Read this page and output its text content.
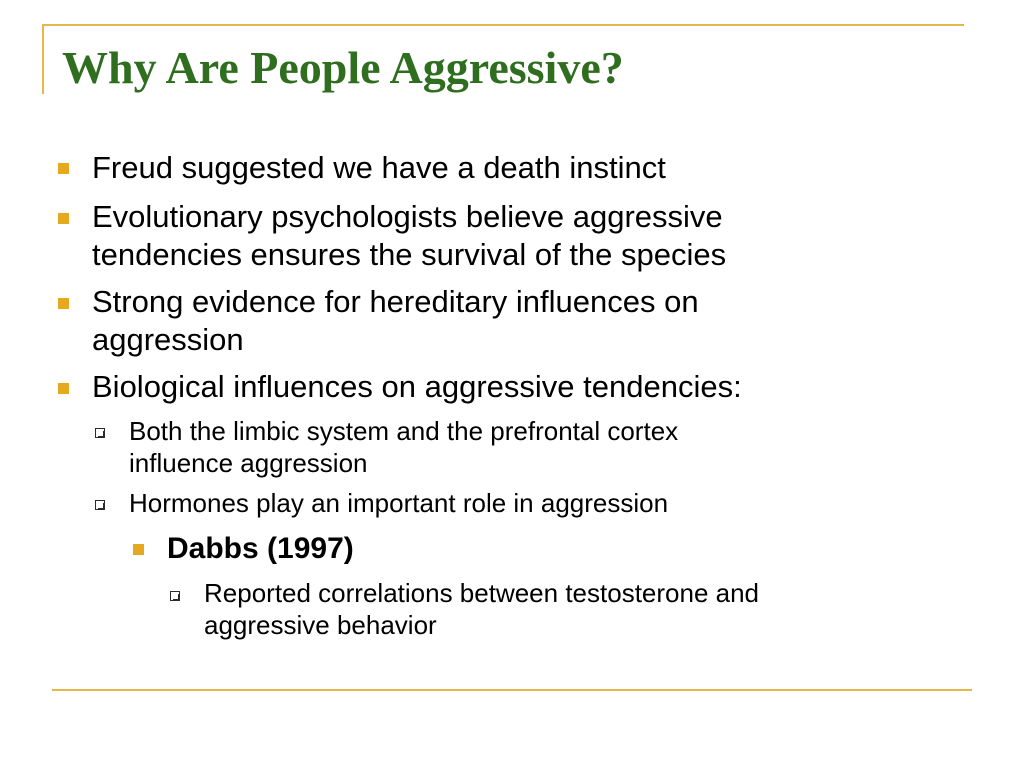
Why Are People Aggressive?
Freud suggested we have a death instinct
Evolutionary psychologists believe aggressive
tendencies ensures the survival of the species
Strong evidence for hereditary influences on
aggression
Biological influences on aggressive tendencies:
Both the limbic system and the prefrontal cortex
influence aggression
Hormones play an important role in aggression
Dabbs (1997)
Reported correlations between testosterone and
aggressive behavior
